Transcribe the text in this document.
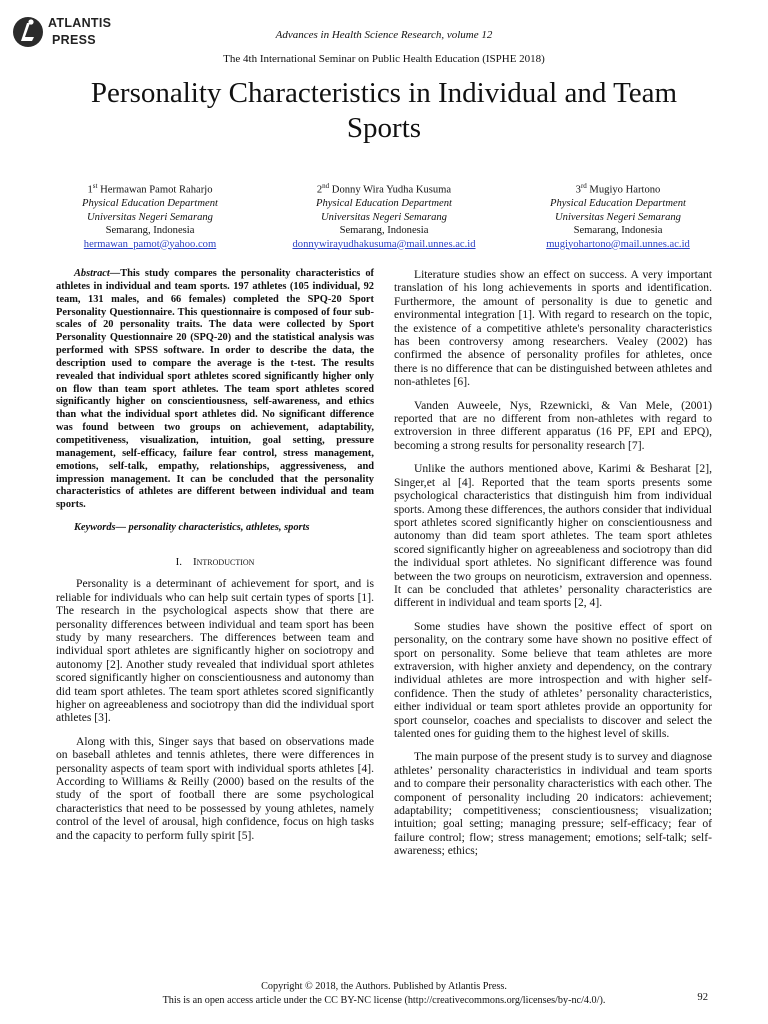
ATLANTIS
PRESS	Advances in Health Science Research, volume 12
The 4th International Seminar on Public Health Education (ISPHE 2018)
Personality Characteristics in Individual and Team Sports
1st Hermawan Pamot Raharjo
Physical Education Department
Universitas Negeri Semarang
Semarang, Indonesia
hermawan_pamot@yahoo.com
2nd Donny Wira Yudha Kusuma
Physical Education Department
Universitas Negeri Semarang
Semarang, Indonesia
donnywirayudhakusuma@mail.unnes.ac.id
3rd Mugiyo Hartono
Physical Education Department
Universitas Negeri Semarang
Semarang, Indonesia
mugiyohartono@mail.unnes.ac.id

Abstract—This study compares the personality characteristics of athletes in individual and team sports. 197 athletes (105 individual, 92 team, 131 males, and 66 females) completed the SPQ-20 Sport Personality Questionnaire. This questionnaire is composed of four sub- scales of 20 personality traits. The data were collected by Sport Personality Questionnaire 20 (SPQ-20) and the statistical analysis was performed with SPSS software. In order to describe the data, the description used to compare the average is the t-test. The results revealed that individual sport athletes scored significantly higher only on flow than team sport athletes. The team sport athletes scored significantly higher on conscientiousness, self-awareness, and ethics than what the individual sport athletes did. No significant difference was found between two groups on achievement, adaptability, competitiveness, visualization, intuition, goal setting, pressure management, self-efficacy, failure fear control, stress management, emotions, self-talk, empathy, relationships, aggressiveness, and impression management. It can be concluded that the personality characteristics of athletes are different between individual and team sports.

Keywords— personality characteristics, athletes, sports

I. Introduction

Personality is a determinant of achievement for sport, and is reliable for individuals who can help suit certain types of sports [1]. The research in the psychological aspects show that there are personality differences between individual and team sport has been study by many researchers. The differences between team and individual sport athletes are significantly higher on sociotropy and autonomy [2]. Another study revealed that individual sport athletes scored significantly higher on conscientiousness and autonomy than did team sport athletes. The team sport athletes scored significantly higher on agreeableness and sociotropy than did the individual sport athletes [3].

Along with this, Singer says that based on observations made on baseball athletes and tennis athletes, there were differences in personality aspects of team sport with individual sports athletes [4]. According to Williams & Reilly (2000) based on the results of the study of the sport of football there are some psychological characteristics that need to be possessed by young athletes, namely control of the level of arousal, high confidence, focus on high tasks and the capacity to perform fully spirit [5].

Literature studies show an effect on success. A very important translation of his long achievements in sports and identification. Furthermore, the amount of personality is due to genetic and environmental integration [1]. With regard to research on the topic, the existence of a competitive athlete's personality characteristics has been controversy among researchers. Vealey (2002) has confirmed the absence of personality profiles for athletes, once there is no difference that can be distinguished between athletes and non-athletes [6].

Vanden Auweele, Nys, Rzewnicki, & Van Mele, (2001) reported that are no different from non-athletes with regard to extroversion in three different apparatus (16 PF, EPI and EPQ), becoming a strong results for personality research [7].

Unlike the authors mentioned above, Karimi & Besharat [2], Singer,et al [4]. Reported that the team sports presents some psychological characteristics that distinguish him from individual sports. Among these differences, the authors consider that individual sport athletes scored significantly higher on conscientiousness and autonomy than did team sport athletes. The team sport athletes scored significantly higher on agreeableness and sociotropy than did the individual sport athletes. No significant difference was found between the two groups on neuroticism, extraversion and openness. It can be concluded that athletes’ personality characteristics are different in individual and team sports [2, 4].

Some studies have shown the positive effect of sport on personality, on the contrary some have shown no positive effect of sport on personality. Some believe that team athletes are more extraversion, with higher anxiety and dependency, on the contrary individual athletes are more introspection and with higher self-confidence. Then the study of athletes’ personality characteristics, either individual or team sport athletes provide an opportunity for sport counselor, coaches and specialists to discover and select the talented ones for guiding them to the highest level of skills.

The main purpose of the present study is to survey and diagnose athletes’ personality characteristics in individual and team sports and to compare their personality characteristics with each other. The component of personality including 20 indicators: achievement; adaptability; competitiveness; conscientiousness; visualization; intuition; goal setting; managing pressure; self-efficacy; fear of failure control; flow; stress management; emotions; self-talk; self-awareness; ethics;

Copyright © 2018, the Authors. Published by Atlantis Press.
This is an open access article under the CC BY-NC license (http://creativecommons.org/licenses/by-nc/4.0/).	92
